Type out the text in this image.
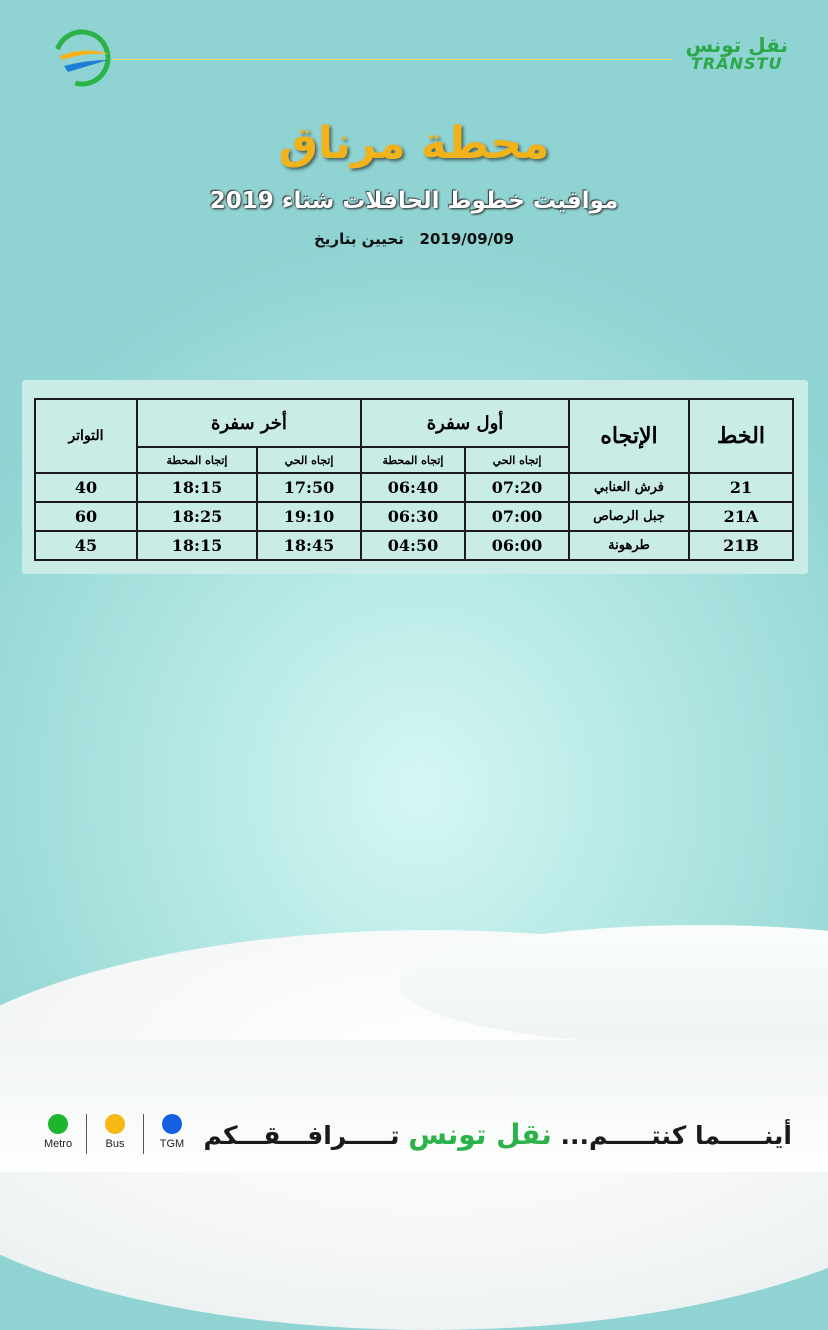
نقل تونس
TRANSTU
محطة مرناق
مواقيت خطوط الحافلات شتاء 2019
تحيين بتاريخ 2019/09/09
الخط	الإتجاه	أول سفرة		أخر سفرة		التواتر
		إتجاه الحي	إتجاه المحطة	إتجاه الحي	إتجاه المحطة	
21	فرش العنابي	07:20	06:40	17:50	18:15	40
21A	جبل الرصاص	07:00	06:30	19:10	18:25	60
21B	طرهونة	06:00	04:50	18:45	18:15	45
Metro	Bus	TGM	أينـــــما كنتـــــم... نقل تونس تـــــرافـــقـــكم
